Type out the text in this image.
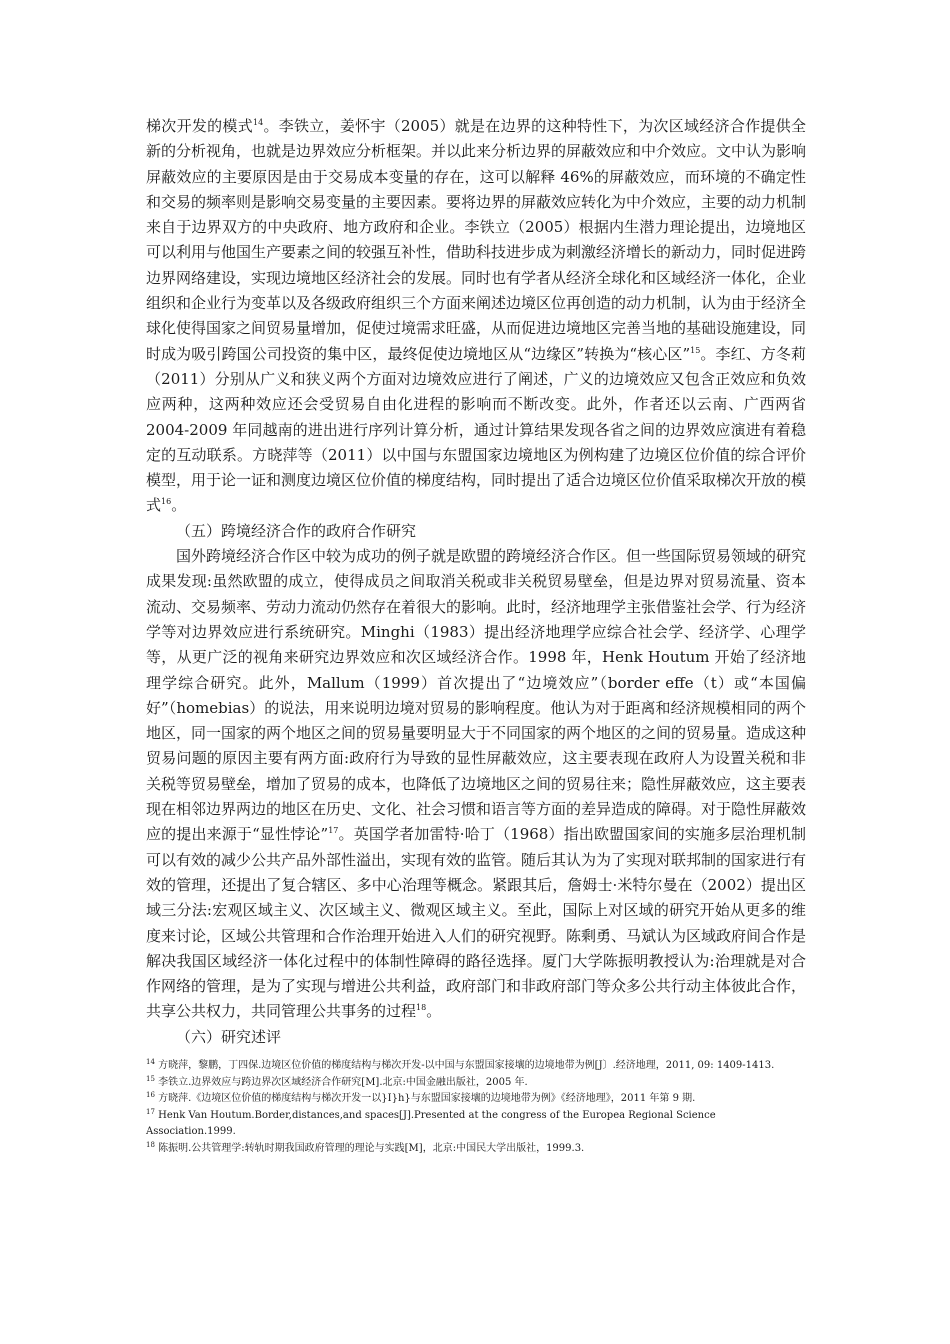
梯次开发的模式$^{14}$。李铁立，姜怀宇（2005）就是在边界的这种特性下，为次区域经济合作提供全新的分析视角，也就是边界效应分析框架。并以此来分析边界的屏蔽效应和中介效应。文中认为影响屏蔽效应的主要原因是由于交易成本变量的存在，这可以解释 46%的屏蔽效应，而环境的不确定性和交易的频率则是影响交易变量的主要因素。要将边界的屏蔽效应转化为中介效应，主要的动力机制来自于边界双方的中央政府、地方政府和企业。李铁立（2005）根据内生潜力理论提出，边境地区可以利用与他国生产要素之间的较强互补性，借助科技进步成为刺激经济增长的新动力，同时促进跨边界网络建设，实现边境地区经济社会的发展。同时也有学者从经济全球化和区域经济一体化，企业组织和企业行为变革以及各级政府组织三个方面来阐述边境区位再创造的动力机制，认为由于经济全球化使得国家之间贸易量增加，促使过境需求旺盛，从而促进边境地区完善当地的基础设施建设，同时成为吸引跨国公司投资的集中区，最终促使边境地区从“边缘区”转换为“核心区”$^{15}$。李红、方冬莉（2011）分别从广义和狭义两个方面对边境效应进行了阐述，广义的边境效应又包含正效应和负效应两种，这两种效应还会受贸易自由化进程的影响而不断改变。此外，作者还以云南、广西两省 2004-2009 年同越南的进出进行序列计算分析，通过计算结果发现各省之间的边界效应演进有着稳定的互动联系。方晓萍等（2011）以中国与东盟国家边境地区为例构建了边境区位价值的综合评价模型，用于论一证和测度边境区位价值的梯度结构，同时提出了适合边境区位价值采取梯次开放的模式$^{16}$。

（五）跨境经济合作的政府合作研究

国外跨境经济合作区中较为成功的例子就是欧盟的跨境经济合作区。但一些国际贸易领域的研究成果发现:虽然欧盟的成立，使得成员之间取消关税或非关税贸易壁垒，但是边界对贸易流量、资本流动、交易频率、劳动力流动仍然存在着很大的影响。此时，经济地理学主张借鉴社会学、行为经济学等对边界效应进行系统研究。Minghi（1983）提出经济地理学应综合社会学、经济学、心理学等，从更广泛的视角来研究边界效应和次区域经济合作。1998 年，Henk Houtum 开始了经济地理学综合研究。此外，Mallum（1999）首次提出了“边境效应”（border effe（t）或“本国偏好”（homebias）的说法，用来说明边境对贸易的影响程度。他认为对于距离和经济规模相同的两个地区，同一国家的两个地区之间的贸易量要明显大于不同国家的两个地区的之间的贸易量。造成这种贸易问题的原因主要有两方面:政府行为导致的显性屏蔽效应，这主要表现在政府人为设置关税和非关税等贸易壁垒，增加了贸易的成本，也降低了边境地区之间的贸易往来；隐性屏蔽效应，这主要表现在相邻边界两边的地区在历史、文化、社会习惯和语言等方面的差异造成的障碍。对于隐性屏蔽效应的提出来源于“显性悖论”$^{17}$。英国学者加雷特·哈丁（1968）指出欧盟国家间的实施多层治理机制可以有效的减少公共产品外部性溢出，实现有效的监管。随后其认为为了实现对联邦制的国家进行有效的管理，还提出了复合辖区、多中心治理等概念。紧跟其后，詹姆士·米特尔曼在（2002）提出区域三分法:宏观区域主义、次区域主义、微观区域主义。至此，国际上对区域的研究开始从更多的维度来讨论，区域公共管理和合作治理开始进入人们的研究视野。陈剩勇、马斌认为区域政府间合作是解决我国区域经济一体化过程中的体制性障碍的路径选择。厦门大学陈振明教授认为:治理就是对合作网络的管理，是为了实现与增进公共利益，政府部门和非政府部门等众多公共行动主体彼此合作，共享公共权力，共同管理公共事务的过程$^{18}$。

（六）研究述评

$^{14}$ 方晓萍，黎鹏，丁四保.边境区位价值的梯度结构与梯次开发-以中国与东盟国家接壤的边境地带为例[J〕.经济地理，2011, 09: 1409-1413.

$^{15}$ 李铁立.边界效应与跨边界次区域经济合作研究[M].北京:中国金融出版社，2005 年.

$^{16}$ 方晓萍.《边境区位价值的梯度结构与梯次开发一以}I}h}与东盟国家接壤的边境地带为例》《经济地理》，2011 年第 9 期.

$^{17}$ Henk Van Houtum.Border,distances,and spaces[J].Presented at the congress of the Europea Regional Science Association.1999.

$^{18}$ 陈振明.公共管理学:转轨时期我国政府管理的理论与实践[M]，北京:中国民大学出版社，1999.3.
